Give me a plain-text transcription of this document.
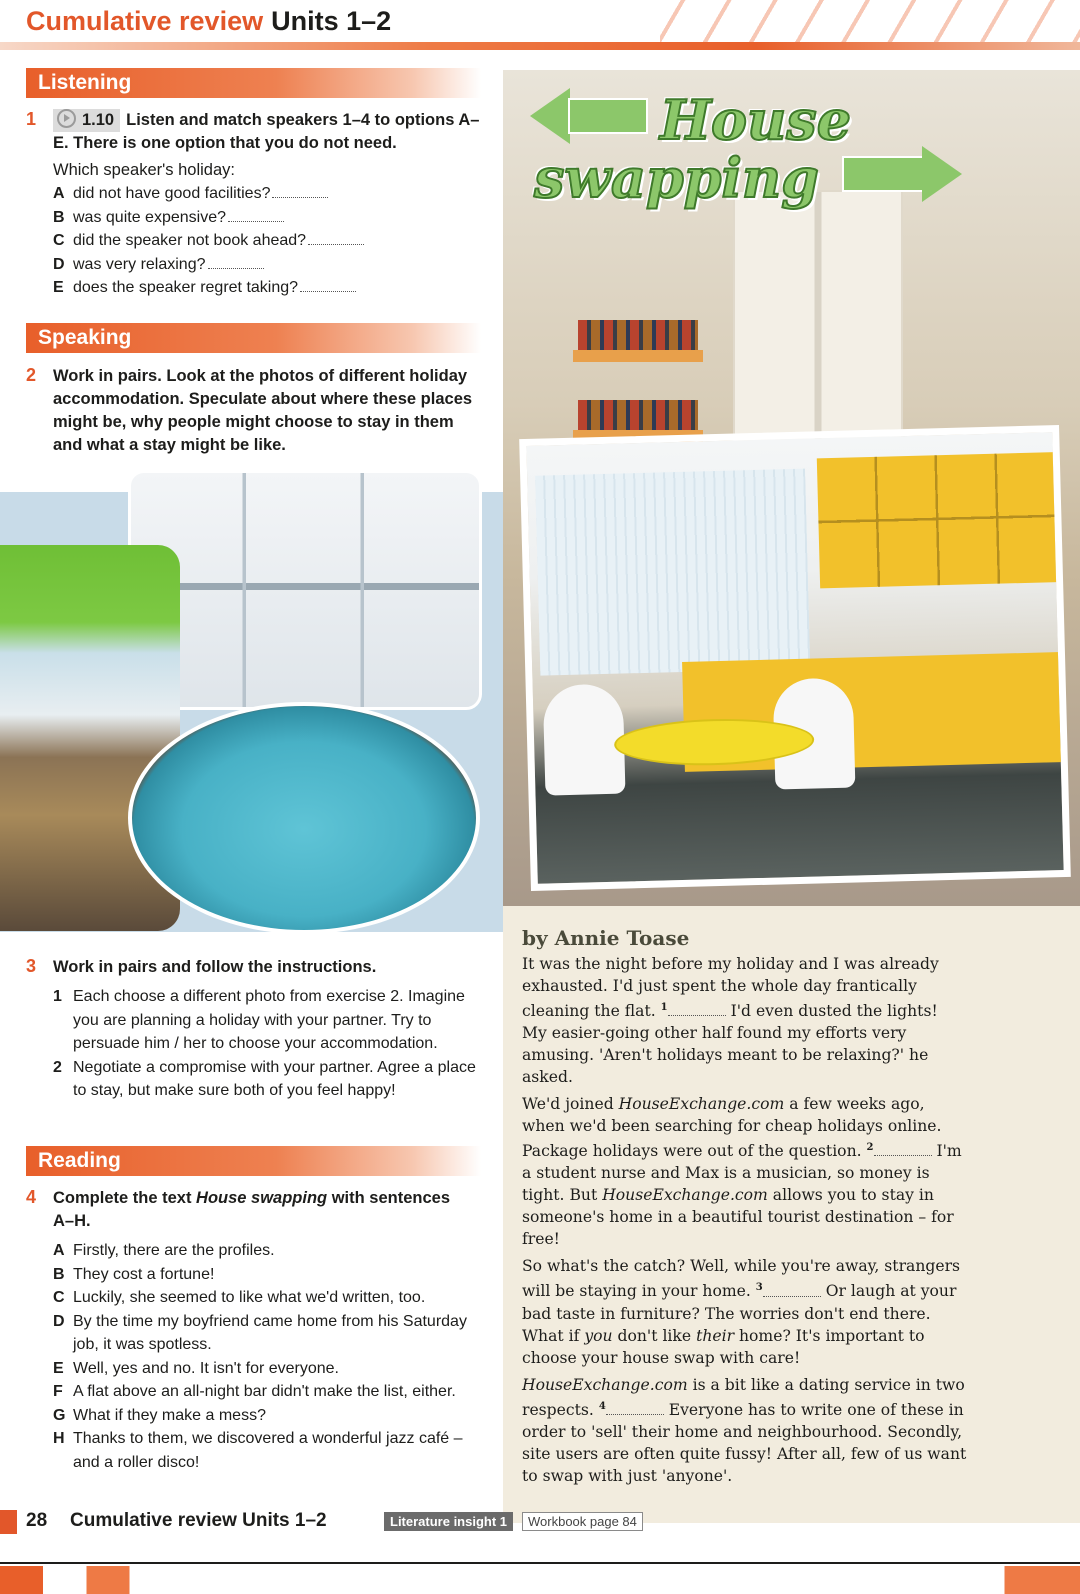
Cumulative review Units 1–2
Listening
1	1.10 Listen and match speakers 1–4 to options A–E. There is one option that you do not need.
Which speaker's holiday:
A did not have good facilities?
B was quite expensive?
C did the speaker not book ahead?
D was very relaxing?
E does the speaker regret taking?
Speaking
2 Work in pairs. Look at the photos of different holiday accommodation. Speculate about where these places might be, why people might choose to stay in them and what a stay might be like.
3 Work in pairs and follow the instructions.
1 Each choose a different photo from exercise 2. Imagine you are planning a holiday with your partner. Try to persuade him / her to choose your accommodation.
2 Negotiate a compromise with your partner. Agree a place to stay, but make sure both of you feel happy!
Reading
4 Complete the text House swapping with sentences A–H.
A Firstly, there are the profiles.
B They cost a fortune!
C Luckily, she seemed to like what we'd written, too.
D By the time my boyfriend came home from his Saturday job, it was spotless.
E Well, yes and no. It isn't for everyone.
F A flat above an all-night bar didn't make the list, either.
G What if they make a mess?
H Thanks to them, we discovered a wonderful jazz café – and a roller disco!
House
swapping
by Annie Toase

It was the night before my holiday and I was already exhausted. I'd just spent the whole day frantically cleaning the flat. $^1$	I'd even dusted the lights! My easier-going other half found my efforts very amusing. 'Aren't holidays meant to be relaxing?' he asked.

We'd joined HouseExchange.com a few weeks ago, when we'd been searching for cheap holidays online. Package holidays were out of the question. $^2$	I'm a student nurse and Max is a musician, so money is tight. But HouseExchange.com allows you to stay in someone's home in a beautiful tourist destination – for free!

So what's the catch? Well, while you're away, strangers will be staying in your home. $^3$	Or laugh at your bad taste in furniture? The worries don't end there. What if you don't like their home? It's important to choose your house swap with care!

HouseExchange.com is a bit like a dating service in two respects. $^4$	Everyone has to write one of these in order to 'sell' their home and neighbourhood. Secondly, site users are often quite fussy! After all, few of us want to swap with just 'anyone'.

28 Cumulative review Units 1–2	Literature insight 1	Workbook page 84
